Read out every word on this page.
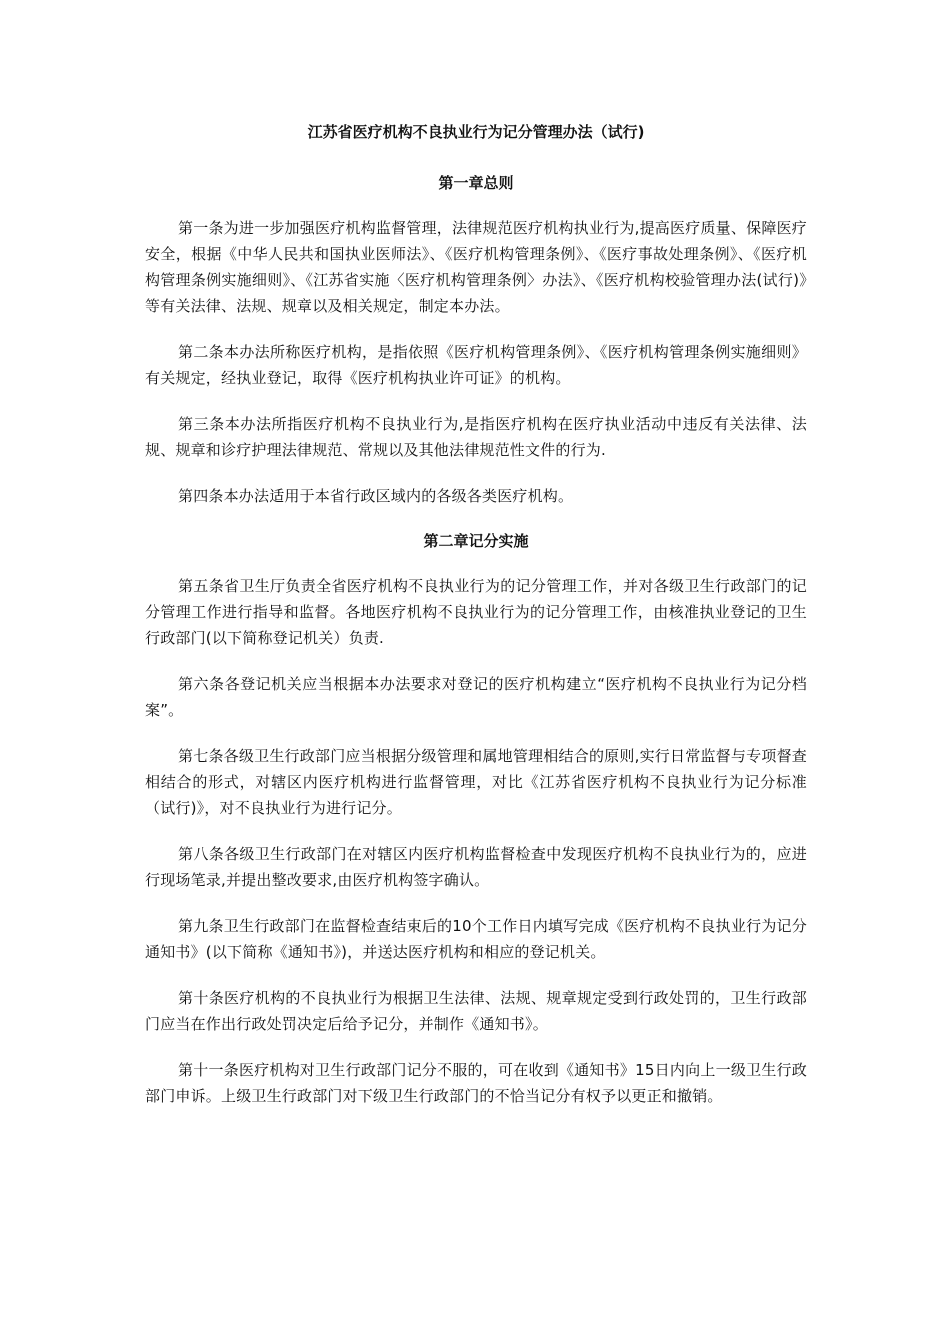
江苏省医疗机构不良执业行为记分管理办法（试行)
第一章总则

第一条为进一步加强医疗机构监督管理，法律规范医疗机构执业行为,提高医疗质量、保障医疗安全，根据《中华人民共和国执业医师法》、《医疗机构管理条例》、《医疗事故处理条例》、《医疗机构管理条例实施细则》、《江苏省实施〈医疗机构管理条例〉办法》、《医疗机构校验管理办法(试行)》等有关法律、法规、规章以及相关规定，制定本办法。

第二条本办法所称医疗机构，是指依照《医疗机构管理条例》、《医疗机构管理条例实施细则》有关规定，经执业登记，取得《医疗机构执业许可证》的机构。

第三条本办法所指医疗机构不良执业行为,是指医疗机构在医疗执业活动中违反有关法律、法规、规章和诊疗护理法律规范、常规以及其他法律规范性文件的行为.

第四条本办法适用于本省行政区域内的各级各类医疗机构。

第二章记分实施

第五条省卫生厅负责全省医疗机构不良执业行为的记分管理工作，并对各级卫生行政部门的记分管理工作进行指导和监督。各地医疗机构不良执业行为的记分管理工作，由核准执业登记的卫生行政部门(以下简称登记机关）负责.

第六条各登记机关应当根据本办法要求对登记的医疗机构建立“医疗机构不良执业行为记分档案”。

第七条各级卫生行政部门应当根据分级管理和属地管理相结合的原则,实行日常监督与专项督查相结合的形式，对辖区内医疗机构进行监督管理，对比《江苏省医疗机构不良执业行为记分标准（试行)》，对不良执业行为进行记分。

第八条各级卫生行政部门在对辖区内医疗机构监督检查中发现医疗机构不良执业行为的，应进行现场笔录,并提出整改要求,由医疗机构签字确认。

第九条卫生行政部门在监督检查结束后的10个工作日内填写完成《医疗机构不良执业行为记分通知书》(以下简称《通知书》)，并送达医疗机构和相应的登记机关。

第十条医疗机构的不良执业行为根据卫生法律、法规、规章规定受到行政处罚的，卫生行政部门应当在作出行政处罚决定后给予记分，并制作《通知书》。

第十一条医疗机构对卫生行政部门记分不服的，可在收到《通知书》15日内向上一级卫生行政部门申诉。上级卫生行政部门对下级卫生行政部门的不恰当记分有权予以更正和撤销。
